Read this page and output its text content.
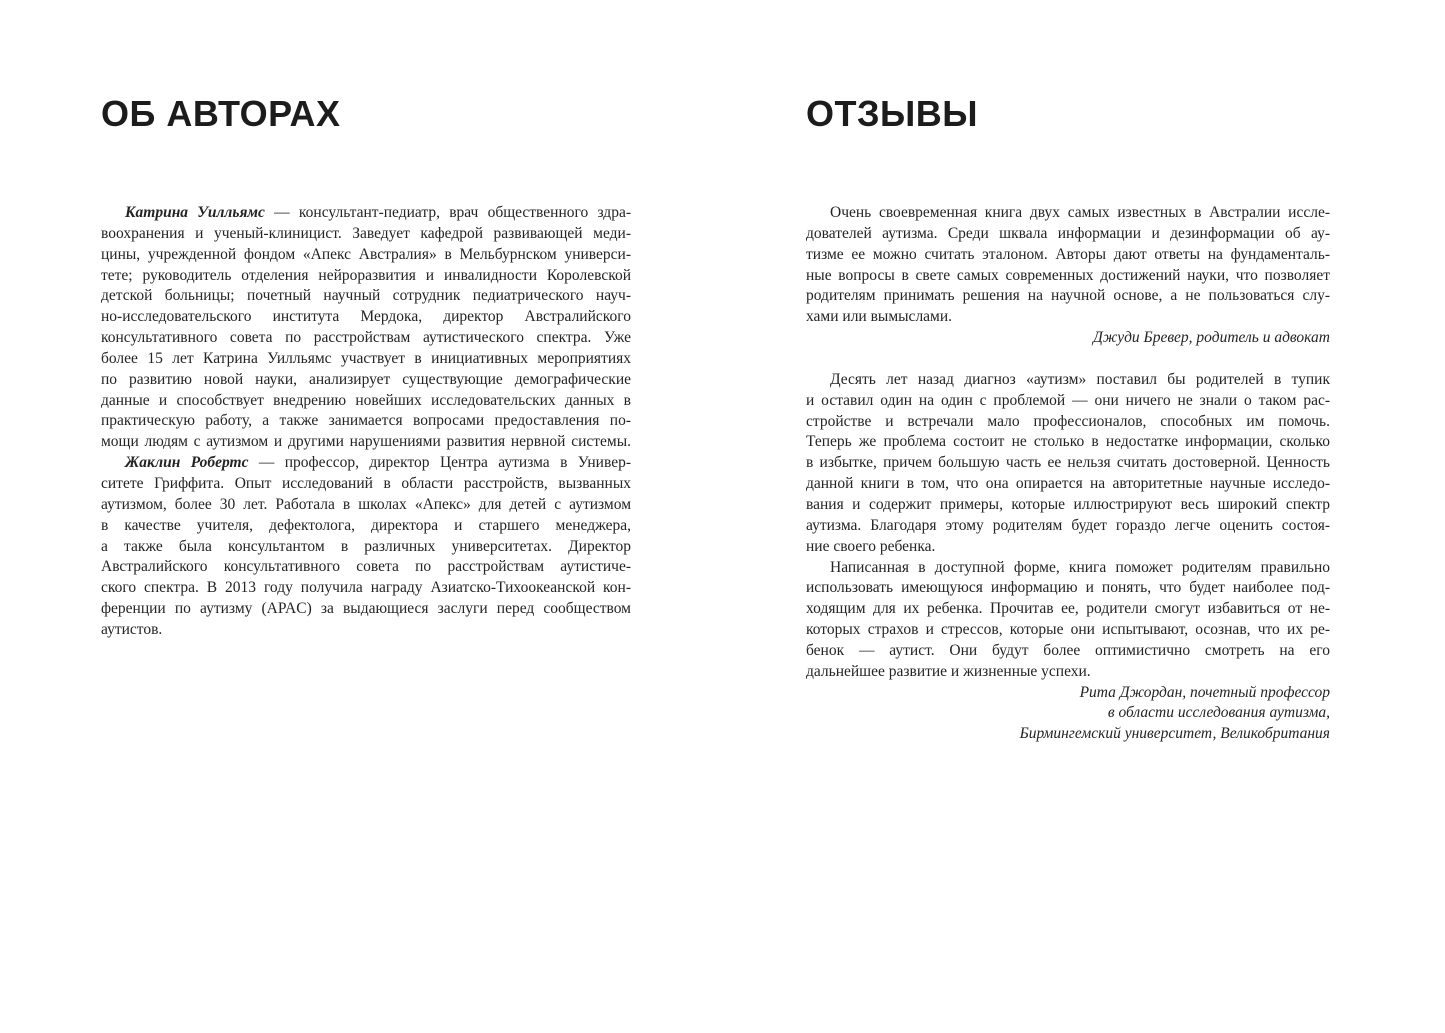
ОБ АВТОРАХ
Катрина Уилльямс — консультант-педиатр, врач общественного здра-
воохранения и ученый-клиницист. Заведует кафедрой развивающей меди-
цины, учрежденной фондом «Апекс Австралия» в Мельбурнском универси-
тете; руководитель отделения нейроразвития и инвалидности Королевской
детской больницы; почетный научный сотрудник педиатрического науч-
но-исследовательского института Мердока, директор Австралийского
консультативного совета по расстройствам аутистического спектра. Уже
более 15 лет Катрина Уилльямс участвует в инициативных мероприятиях
по развитию новой науки, анализирует существующие демографические
данные и способствует внедрению новейших исследовательских данных в
практическую работу, а также занимается вопросами предоставления по-
мощи людям с аутизмом и другими нарушениями развития нервной системы.
Жаклин Робертс — профессор, директор Центра аутизма в Универ-
ситете Гриффита. Опыт исследований в области расстройств, вызванных
аутизмом, более 30 лет. Работала в школах «Апекс» для детей с аутизмом
в качестве учителя, дефектолога, директора и старшего менеджера,
а также была консультантом в различных университетах. Директор
Австралийского консультативного совета по расстройствам аутистиче-
ского спектра. В 2013 году получила награду Азиатско-Тихоокеанской кон-
ференции по аутизму (APAC) за выдающиеся заслуги перед сообществом
аутистов.
ОТЗЫВЫ
Очень своевременная книга двух самых известных в Австралии иссле-
дователей аутизма. Среди шквала информации и дезинформации об ау-
тизме ее можно считать эталоном. Авторы дают ответы на фундаменталь-
ные вопросы в свете самых современных достижений науки, что позволяет
родителям принимать решения на научной основе, а не пользоваться слу-
хами или вымыслами.
Джуди Бревер, родитель и адвокат
Десять лет назад диагноз «аутизм» поставил бы родителей в тупик
и оставил один на один с проблемой — они ничего не знали о таком рас-
стройстве и встречали мало профессионалов, способных им помочь.
Теперь же проблема состоит не столько в недостатке информации, сколько
в избытке, причем большую часть ее нельзя считать достоверной. Ценность
данной книги в том, что она опирается на авторитетные научные исследо-
вания и содержит примеры, которые иллюстрируют весь широкий спектр
аутизма. Благодаря этому родителям будет гораздо легче оценить состоя-
ние своего ребенка.
Написанная в доступной форме, книга поможет родителям правильно
использовать имеющуюся информацию и понять, что будет наиболее под-
ходящим для их ребенка. Прочитав ее, родители смогут избавиться от не-
которых страхов и стрессов, которые они испытывают, осознав, что их ре-
бенок — аутист. Они будут более оптимистично смотреть на его
дальнейшее развитие и жизненные успехи.
Рита Джордан, почетный профессор
в области исследования аутизма,
Бирмингемский университет, Великобритания
